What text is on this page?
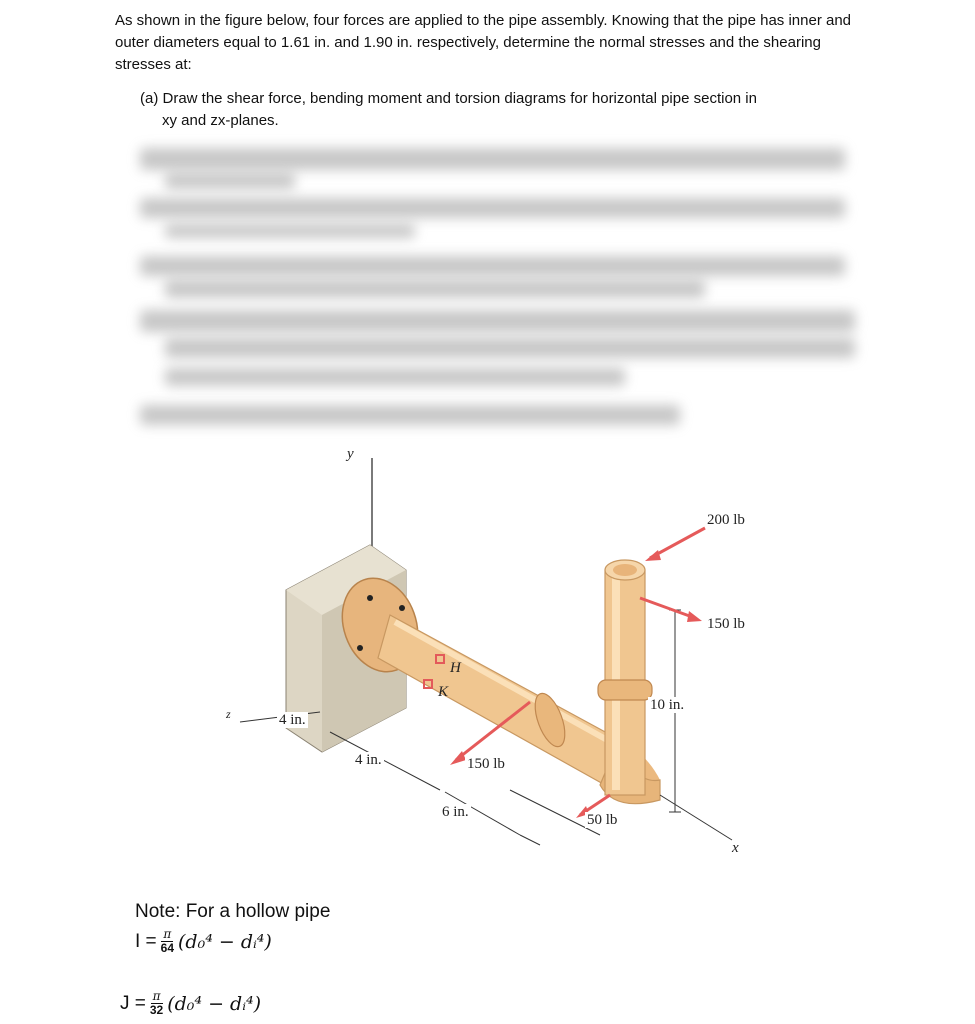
As shown in the figure below, four forces are applied to the pipe assembly. Knowing that the pipe has inner and outer diameters equal to 1.61 in. and 1.90 in. respectively, determine the normal stresses and the shearing stresses at:

(a) Draw the shear force, bending moment and torsion diagrams for horizontal pipe section in
xy and zx-planes.
y
z
x
200 lb
150 lb
150 lb
50 lb
10 in.
4 in.
4 in.
6 in.
H
K
Note: For a hollow pipe
$I = \frac{\pi}{64} (d_0^4$ − dᵢ⁴)
$J = \frac{\pi}{32} (d_0^4$ − dᵢ⁴)
